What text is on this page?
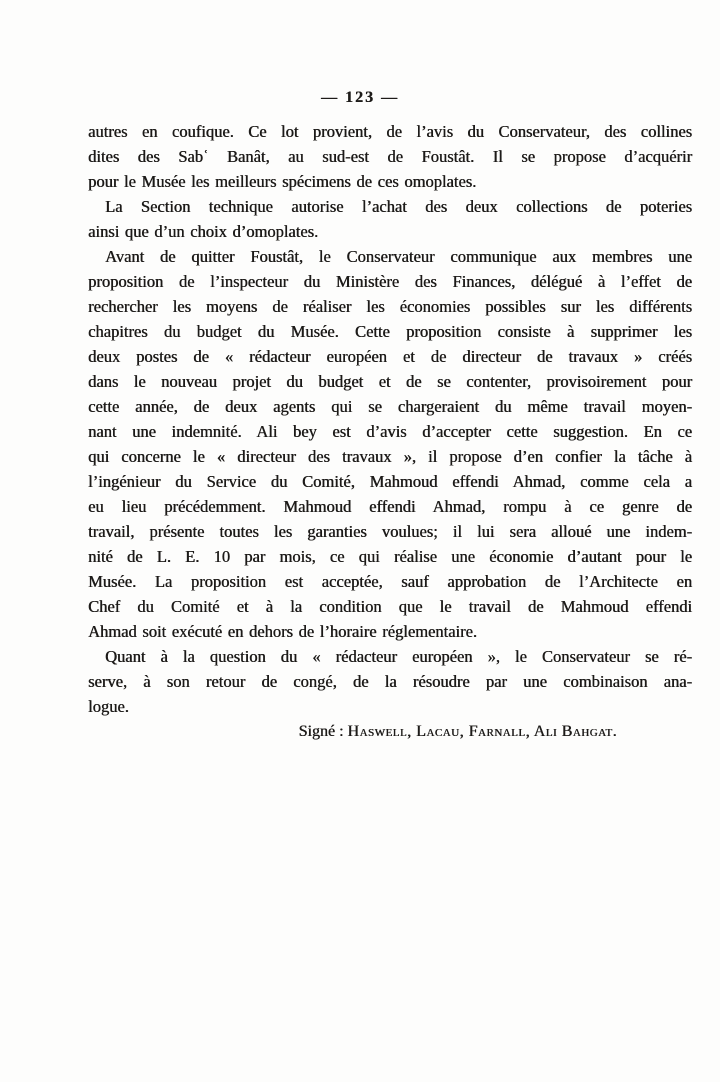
— 123 —
autres en coufique. Ce lot provient, de l’avis du Conservateur, des collines
dites des Sabʿ Banât, au sud-est de Foustât. Il se propose d’acquérir
pour le Musée les meilleurs spécimens de ces omoplates.
La Section technique autorise l’achat des deux collections de poteries
ainsi que d’un choix d’omoplates.
Avant de quitter Foustât, le Conservateur communique aux membres une
proposition de l’inspecteur du Ministère des Finances, délégué à l’effet de
rechercher les moyens de réaliser les économies possibles sur les différents
chapitres du budget du Musée. Cette proposition consiste à supprimer les
deux postes de « rédacteur européen et de directeur de travaux » créés
dans le nouveau projet du budget et de se contenter, provisoirement pour
cette année, de deux agents qui se chargeraient du même travail moyen-
nant une indemnité. Ali bey est d’avis d’accepter cette suggestion. En ce
qui concerne le « directeur des travaux », il propose d’en confier la tâche à
l’ingénieur du Service du Comité, Mahmoud effendi Ahmad, comme cela a
eu lieu précédemment. Mahmoud effendi Ahmad, rompu à ce genre de
travail, présente toutes les garanties voulues; il lui sera alloué une indem-
nité de L. E. 10 par mois, ce qui réalise une économie d’autant pour le
Musée. La proposition est acceptée, sauf approbation de l’Architecte en
Chef du Comité et à la condition que le travail de Mahmoud effendi
Ahmad soit exécuté en dehors de l’horaire réglementaire.
Quant à la question du « rédacteur européen », le Conservateur se ré-
serve, à son retour de congé, de la résoudre par une combinaison ana-
logue.
Signé : Haswell, Lacau, Farnall, Ali Bahgat.
